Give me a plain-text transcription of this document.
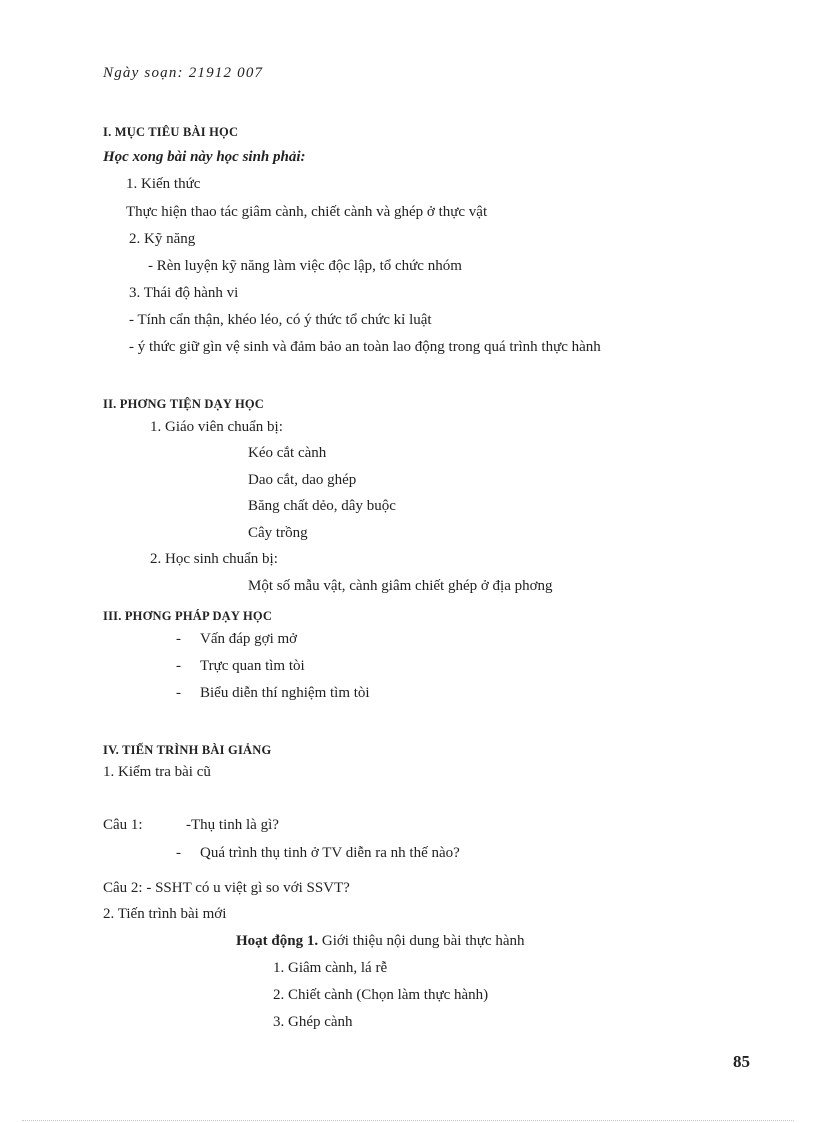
Ngày soạn: 21912 007
I. MỤC TIÊU BÀI HỌC
Học xong bài này học sinh phải:
1. Kiến thức
Thực hiện thao tác giâm cành, chiết cành và ghép ở thực vật
2. Kỹ năng
- Rèn luyện kỹ năng làm việc độc lập, tổ chức nhóm
3. Thái độ hành vi
- Tính cẩn thận, khéo léo, có ý thức tổ chức kỉ luật
- ý thức giữ gìn vệ sinh và đảm bảo an toàn lao động trong quá trình thực hành
II. PHƠNG TIỆN DẠY HỌC
1. Giáo viên chuẩn bị:
Kéo cắt cành
Dao cắt, dao ghép
Băng chất dẻo, dây buộc
Cây trồng
2. Học sinh chuẩn bị:
Một số mẫu vật, cành giâm chiết ghép ở địa phơng
III. PHƠNG PHÁP DẠY HỌC
- Vấn đáp gợi mở
- Trực quan tìm tòi
- Biểu diễn thí nghiệm tìm tòi
IV. TIẾN TRÌNH BÀI GIẢNG
1. Kiểm tra bài cũ
Câu 1:	-Thụ tinh là gì?
- Quá trình thụ tinh ở TV diễn ra nh thế nào?
Câu 2: - SSHT có u việt gì so với SSVT?
2. Tiến trình bài mới
Hoạt động 1. Giới thiệu nội dung bài thực hành
1. Giâm cành, lá rễ
2. Chiết cành (Chọn làm thực hành)
3. Ghép cành
85
